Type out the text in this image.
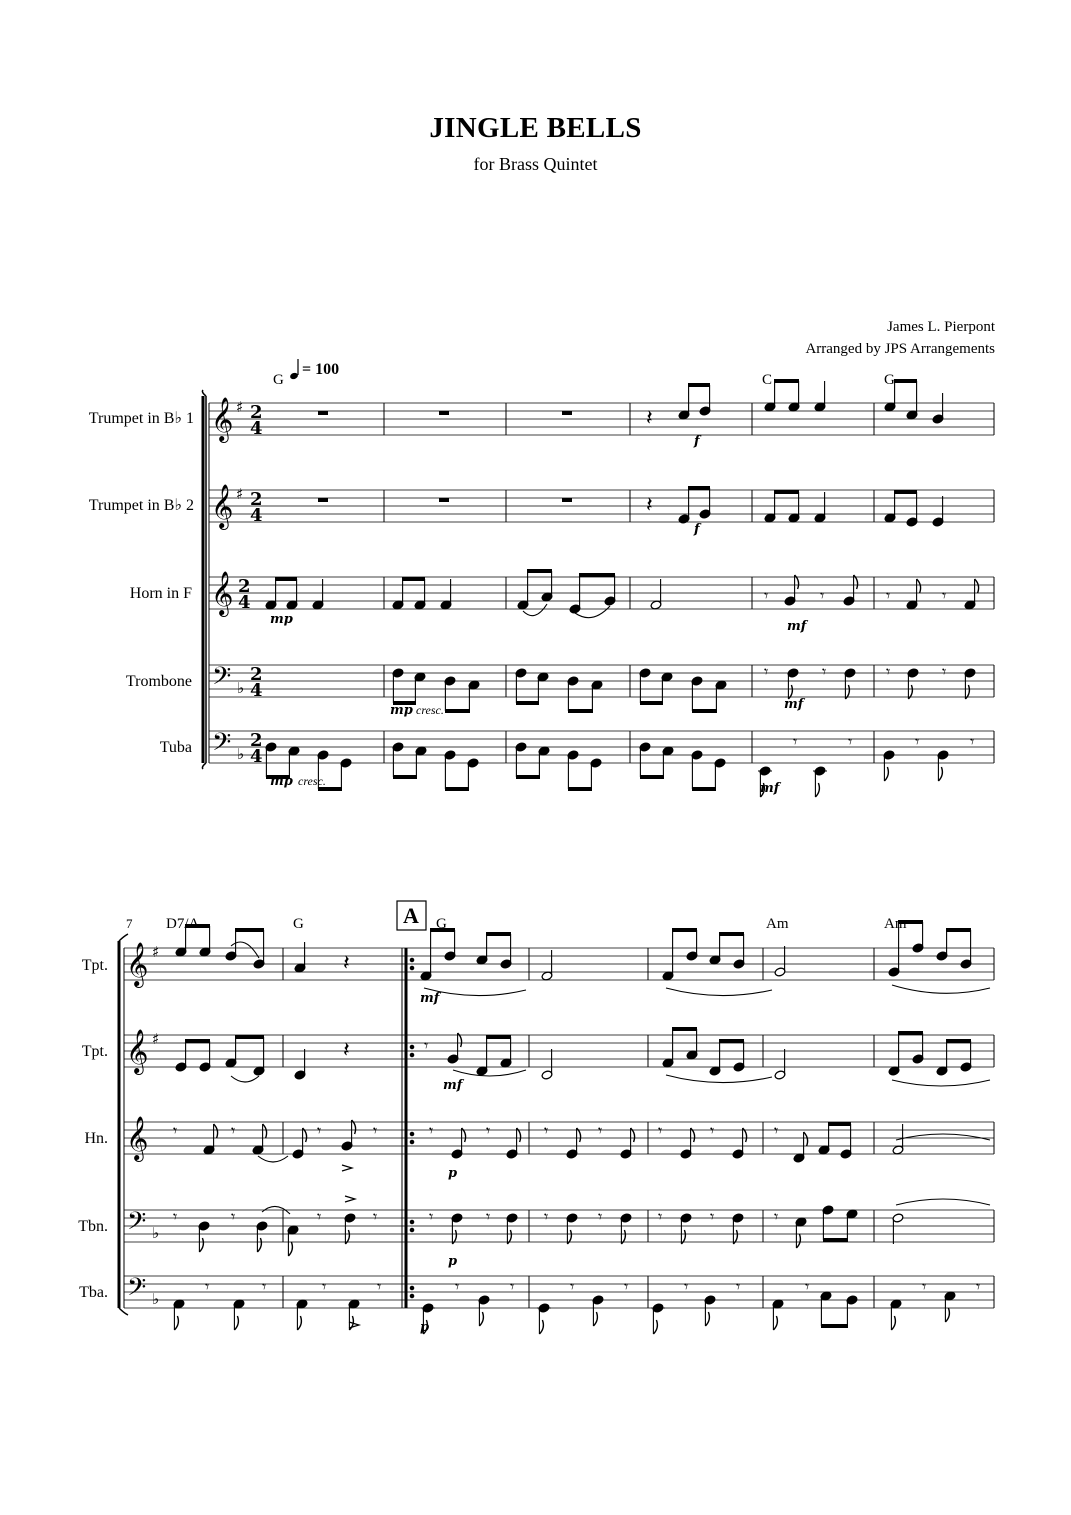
JINGLE BELLS
for Brass Quintet
James L. Pierpont
Arranged by JPS Arrangements
= 100
G	C	G
Trumpet in B♭ 1
Trumpet in B♭ 2
Horn in F
Trombone
Tuba
𝄞
𝄞
𝄞
𝄢
𝄢
♯
♯
♭
♭
2
4
2
4
2
4
2
4
2
4
𝄽
𝄽
𝄾	𝄾	𝄾	𝄾
𝄾	𝄾	𝄾	𝄾
𝄾	𝄾	𝄾	𝄾
f
f
mp	mf
mp cresc.	mf
mp cresc.	mf
7 D7/A	G	G	Am	Am
A
Tpt.
Tpt.
Hn.
Tbn.
Tba.
𝄞
𝄞
𝄞
𝄢
𝄢
♯
♯
♭
♭
𝄽
𝄽	𝄾
𝄾	𝄾	𝄾	𝄾	𝄾	𝄾	𝄾	𝄾	𝄾	𝄾	𝄾
𝄾	𝄾	𝄾	𝄾	𝄾	𝄾	𝄾	𝄾	𝄾	𝄾	𝄾
𝄾	𝄾	𝄾	𝄾	𝄾	𝄾	𝄾	𝄾	𝄾	𝄾	𝄾	𝄾	𝄾
mf
mf
p
p
p
